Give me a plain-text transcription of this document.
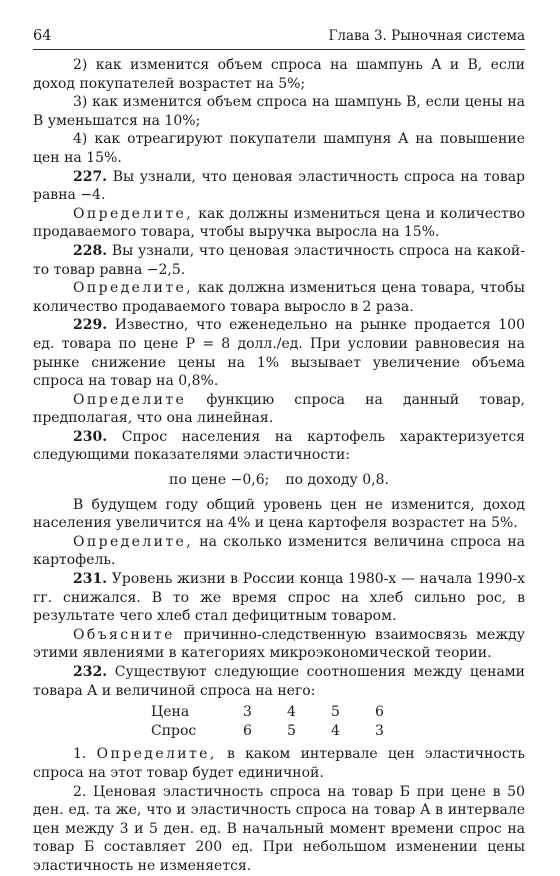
64	Глава 3. Рыночная система

2) как изменится объем спроса на шампунь A и B, если доход покупателей возрастет на 5%;

3) как изменится объем спроса на шампунь B, если цены на B уменьшатся на 10%;

4) как отреагируют покупатели шампуня A на повышение цен на 15%.

227. Вы узнали, что ценовая эластичность спроса на товар равна −4.

Определите, как должны измениться цена и количество продаваемого товара, чтобы выручка выросла на 15%.

228. Вы узнали, что ценовая эластичность спроса на какой-то товар равна −2,5.

Определите, как должна измениться цена товара, чтобы количество продаваемого товара выросло в 2 раза.

229. Известно, что еженедельно на рынке продается 100 ед. товара по цене P = 8 долл./ед. При условии равновесия на рынке снижение цены на 1% вызывает увеличение объема спроса на товар на 0,8%.

Определите функцию спроса на данный товар, предполагая, что она линейная.

230. Спрос населения на картофель характеризуется следующими показателями эластичности:

по цене −0,6; по доходу 0,8.

В будущем году общий уровень цен не изменится, доход населения увеличится на 4% и цена картофеля возрастет на 5%.

Определите, на сколько изменится величина спроса на картофель.

231. Уровень жизни в России конца 1980-х — начала 1990-х гг. снижался. В то же время спрос на хлеб сильно рос, в результате чего хлеб стал дефицитным товаром.

Объясните причинно-следственную взаимосвязь между этими явлениями в категориях микроэкономической теории.

232. Существуют следующие соотношения между ценами товара A и величиной спроса на него:

Цена	3	4	5	6
Спрос	6	5	4	3

1. Определите, в каком интервале цен эластичность спроса на этот товар будет единичной.

2. Ценовая эластичность спроса на товар Б при цене в 50 ден. ед. та же, что и эластичность спроса на товар A в интервале цен между 3 и 5 ден. ед. В начальный момент времени спрос на товар Б составляет 200 ед. При небольшом изменении цены эластичность не изменяется.
